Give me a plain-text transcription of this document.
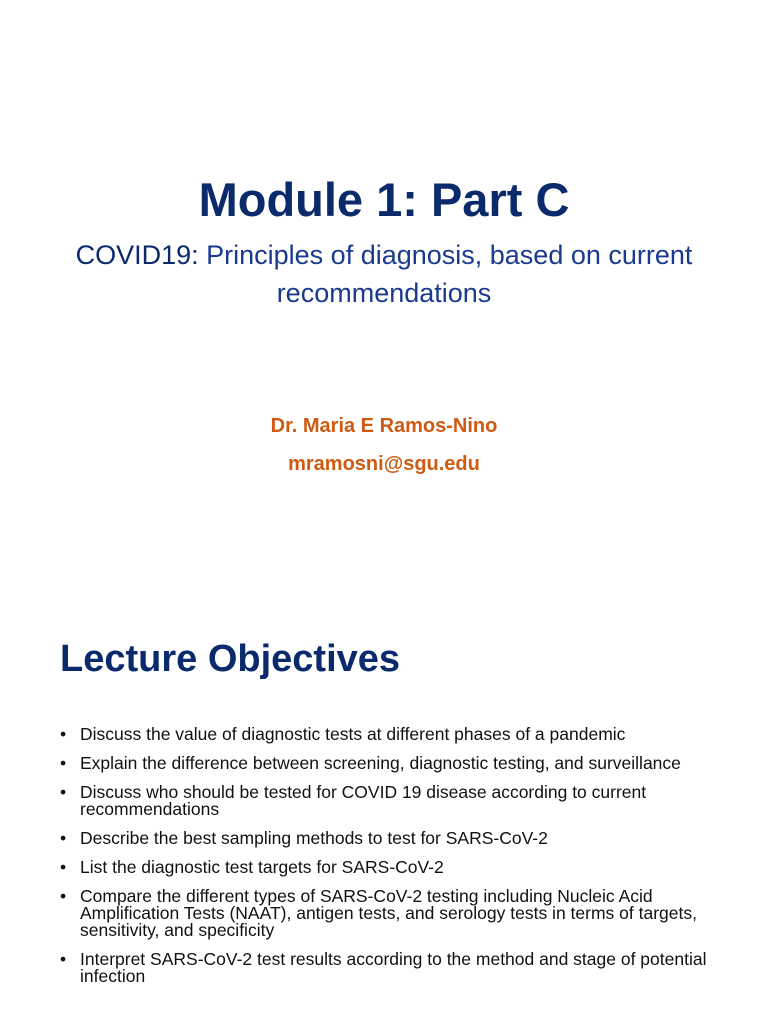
Module 1: Part C

COVID19: Principles of diagnosis, based on current recommendations

Dr. Maria E Ramos-Nino

mramosni@sgu.edu

Lecture Objectives
• Discuss the value of diagnostic tests at different phases of a pandemic
• Explain the difference between screening, diagnostic testing, and surveillance
• Discuss who should be tested for COVID 19 disease according to current recommendations
• Describe the best sampling methods to test for SARS-CoV-2
• List the diagnostic test targets for SARS-CoV-2
• Compare the different types of SARS-CoV-2 testing including Nucleic Acid Amplification Tests (NAAT), antigen tests, and serology tests in terms of targets, sensitivity, and specificity
• Interpret SARS-CoV-2 test results according to the method and stage of potential infection
